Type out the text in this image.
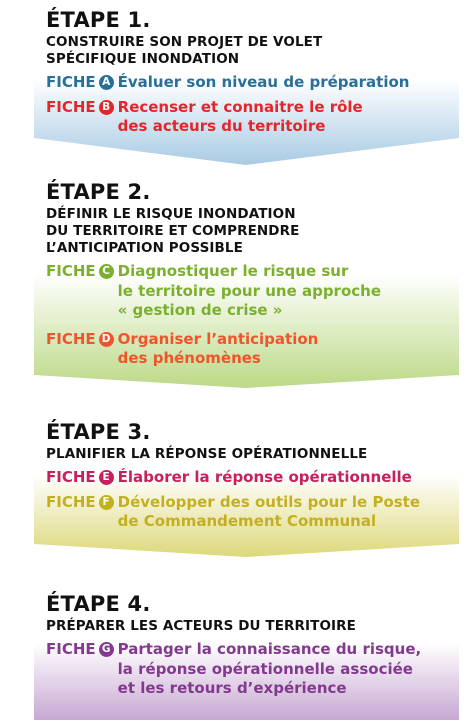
ÉTAPE 1.
CONSTRUIRE SON PROJET DE VOLET
SPÉCIFIQUE INONDATION
FICHE A Évaluer son niveau de préparation
FICHE B Recenser et connaitre le rôle
des acteurs du territoire
ÉTAPE 2.
DÉFINIR LE RISQUE INONDATION
DU TERRITOIRE ET COMPRENDRE
L’ANTICIPATION POSSIBLE
FICHE C Diagnostiquer le risque sur
le territoire pour une approche
« gestion de crise »
FICHE D Organiser l’anticipation
des phénomènes
ÉTAPE 3.
PLANIFIER LA RÉPONSE OPÉRATIONNELLE
FICHE E Élaborer la réponse opérationnelle
FICHE F Développer des outils pour le Poste
de Commandement Communal
ÉTAPE 4.
PRÉPARER LES ACTEURS DU TERRITOIRE
FICHE G Partager la connaissance du risque,
la réponse opérationnelle associée
et les retours d’expérience
